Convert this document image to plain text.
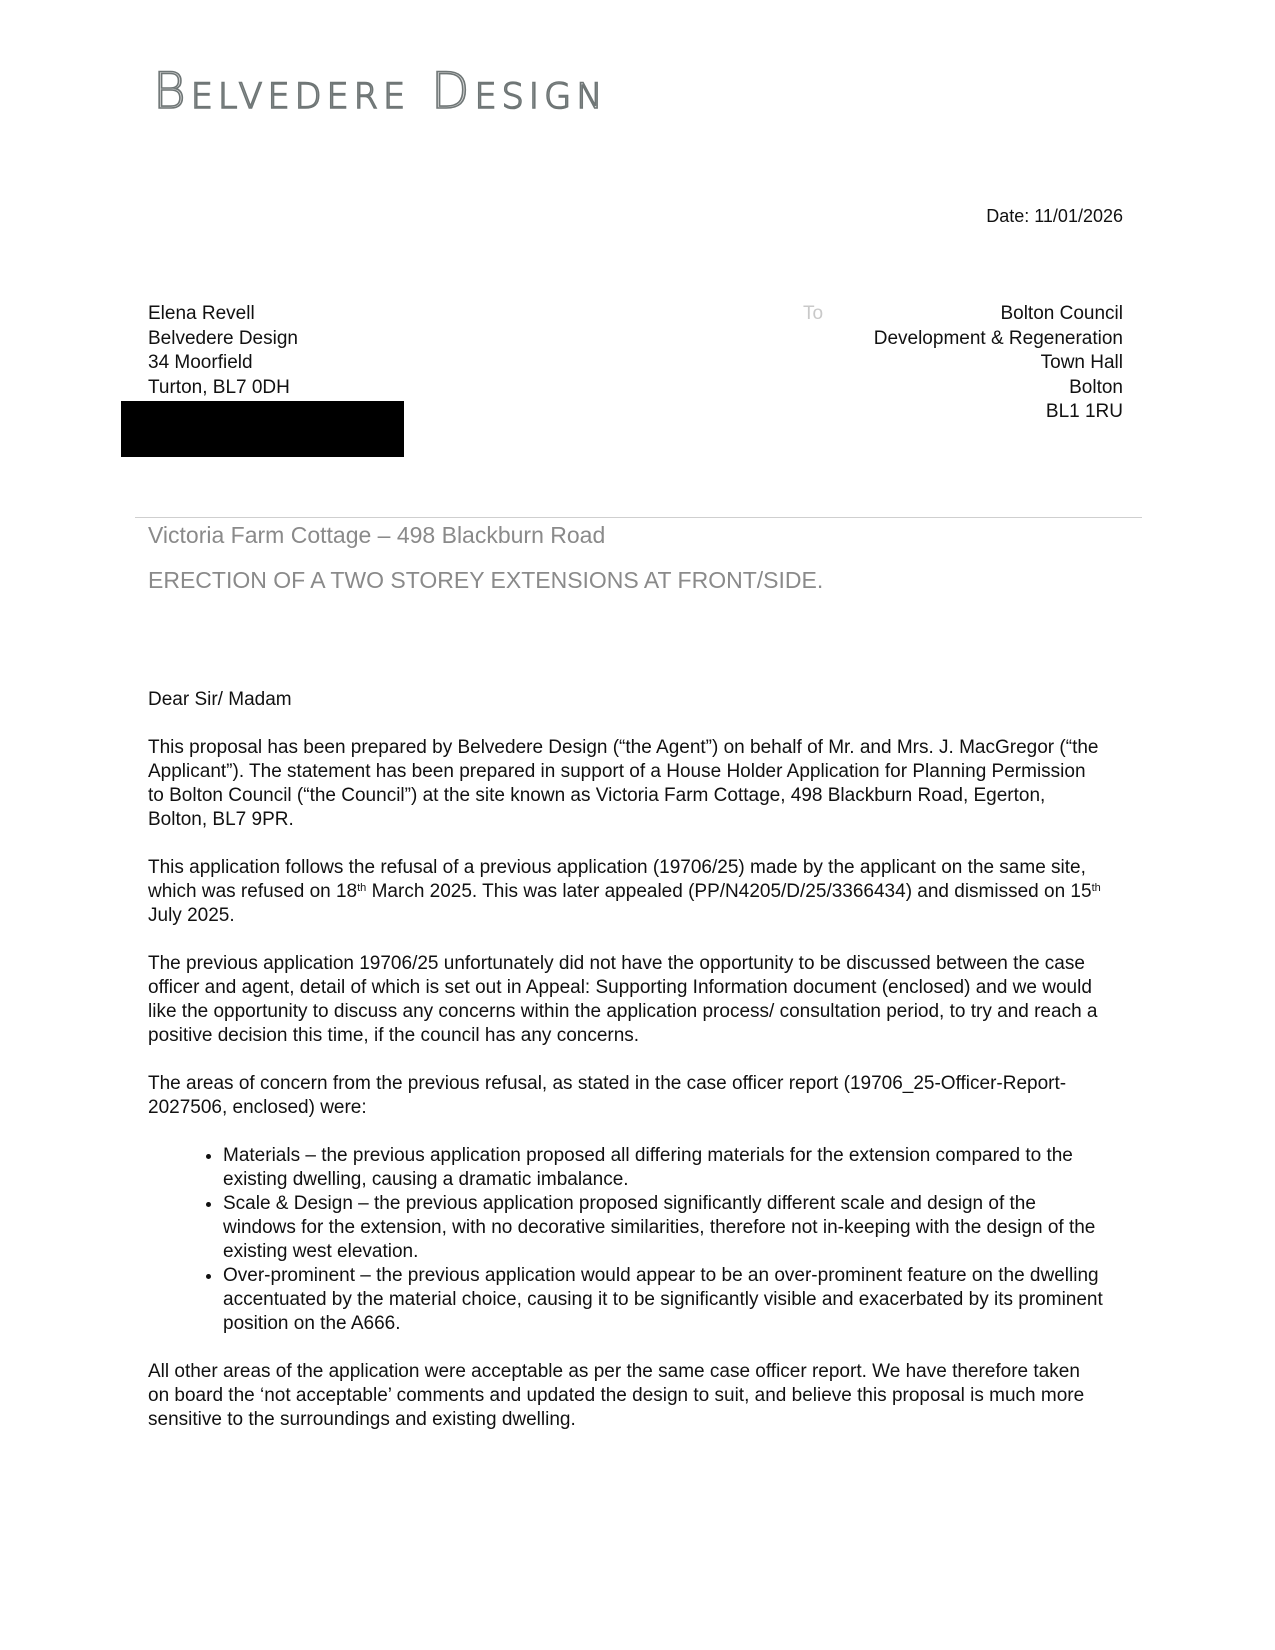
Belvedere Design
Date: 11/01/2026
Elena Revell
Belvedere Design
34 Moorfield
Turton, BL7 0DH
To	Bolton Council
Development & Regeneration
Town Hall
Bolton
BL1 1RU
Victoria Farm Cottage – 498 Blackburn Road
ERECTION OF A TWO STOREY EXTENSIONS AT FRONT/SIDE.

Dear Sir/ Madam

This proposal has been prepared by Belvedere Design (“the Agent”) on behalf of Mr. and Mrs. J. MacGregor (“the Applicant”). The statement has been prepared in support of a House Holder Application for Planning Permission to Bolton Council (“the Council”) at the site known as Victoria Farm Cottage, 498 Blackburn Road, Egerton, Bolton, BL7 9PR.

This application follows the refusal of a previous application (19706/25) made by the applicant on the same site, which was refused on 18th March 2025. This was later appealed (PP/N4205/D/25/3366434) and dismissed on 15th July 2025.

The previous application 19706/25 unfortunately did not have the opportunity to be discussed between the case officer and agent, detail of which is set out in Appeal: Supporting Information document (enclosed) and we would like the opportunity to discuss any concerns within the application process/ consultation period, to try and reach a positive decision this time, if the council has any concerns.

The areas of concern from the previous refusal, as stated in the case officer report (19706_25-Officer-Report-2027506, enclosed) were:

• Materials – the previous application proposed all differing materials for the extension compared to the existing dwelling, causing a dramatic imbalance.
• Scale & Design – the previous application proposed significantly different scale and design of the windows for the extension, with no decorative similarities, therefore not in-keeping with the design of the existing west elevation.
• Over-prominent – the previous application would appear to be an over-prominent feature on the dwelling accentuated by the material choice, causing it to be significantly visible and exacerbated by its prominent position on the A666.

All other areas of the application were acceptable as per the same case officer report. We have therefore taken on board the ‘not acceptable’ comments and updated the design to suit, and believe this proposal is much more sensitive to the surroundings and existing dwelling.
